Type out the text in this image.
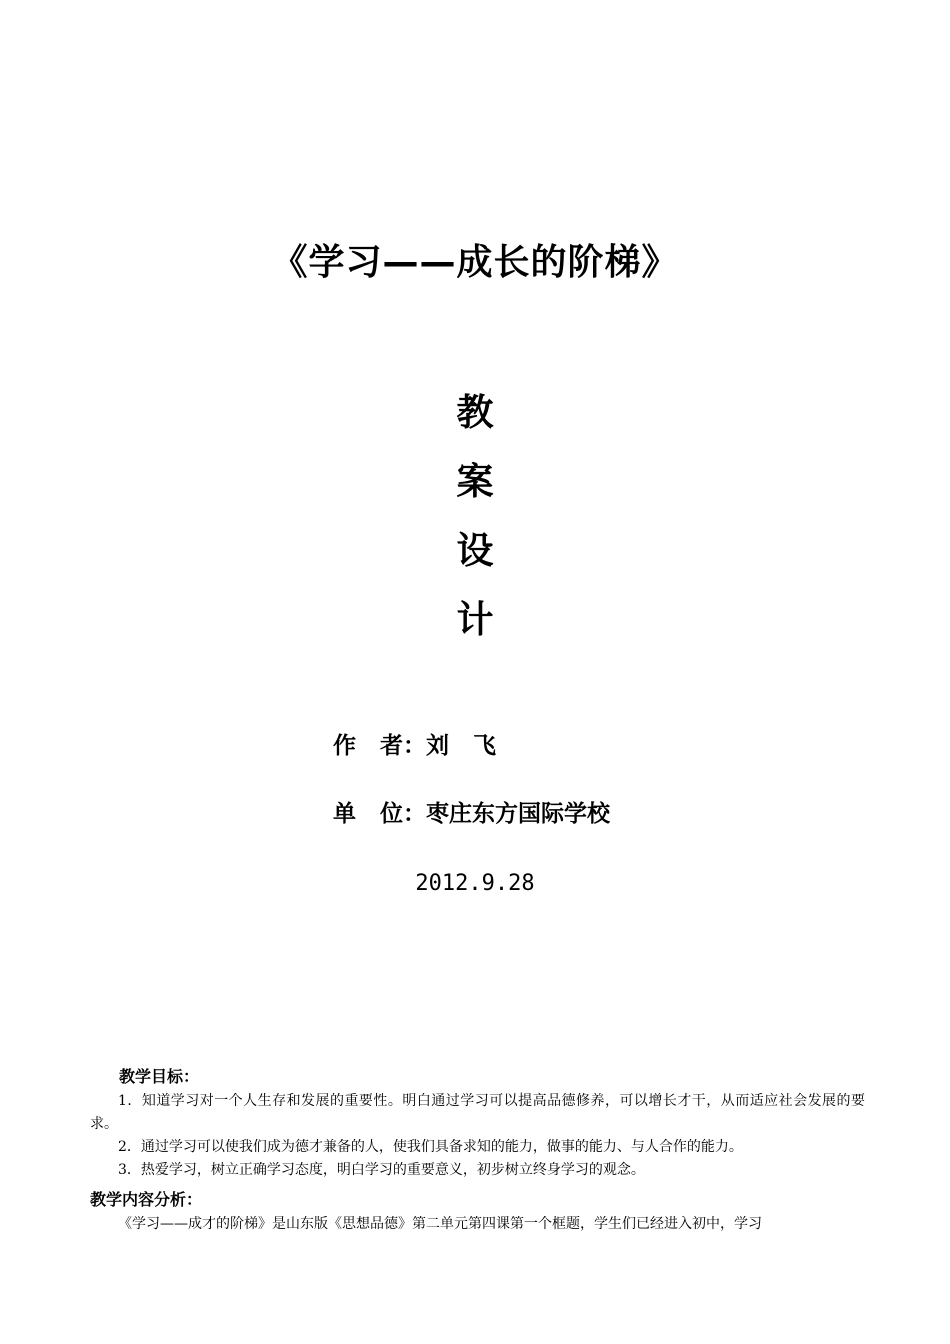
《学习——成长的阶梯》
教
案
设
计
作   者：刘   飞
单   位：枣庄东方国际学校
2012.9.28
教学目标：

1．知道学习对一个人生存和发展的重要性。明白通过学习可以提高品德修养，可以增长才干，从而适应社会发展的要求。

2．通过学习可以使我们成为德才兼备的人，使我们具备求知的能力，做事的能力、与人合作的能力。

3．热爱学习，树立正确学习态度，明白学习的重要意义，初步树立终身学习的观念。

教学内容分析：

《学习——成才的阶梯》是山东版《思想品德》第二单元第四课第一个框题，学生们已经进入初中，学习
